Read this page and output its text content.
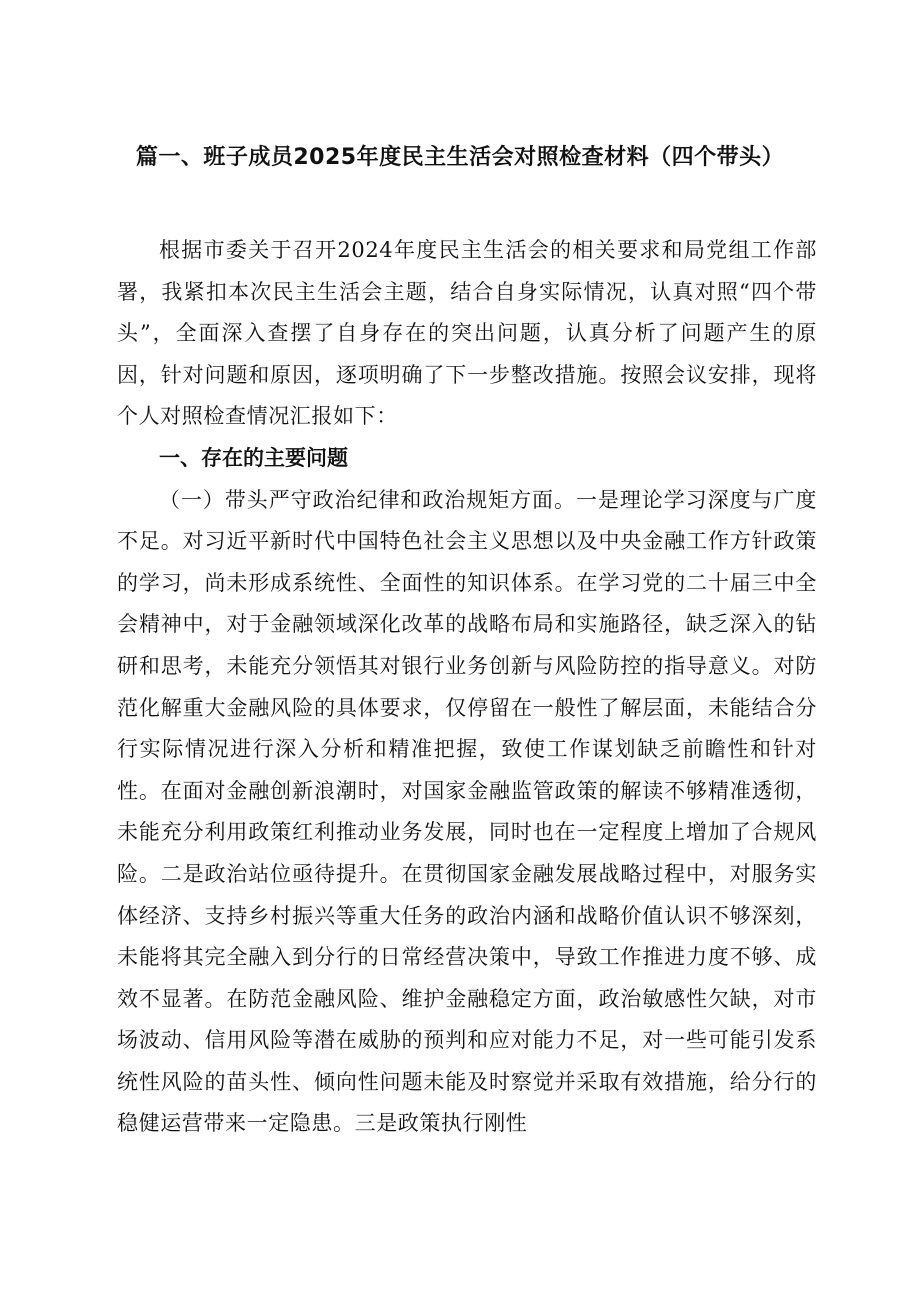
篇一、班子成员2025年度民主生活会对照检查材料（四个带头）

根据市委关于召开2024年度民主生活会的相关要求和局党组工作部署，我紧扣本次民主生活会主题，结合自身实际情况，认真对照“四个带头”，全面深入查摆了自身存在的突出问题，认真分析了问题产生的原因，针对问题和原因，逐项明确了下一步整改措施。按照会议安排，现将个人对照检查情况汇报如下：

一、存在的主要问题

（一）带头严守政治纪律和政治规矩方面。一是理论学习深度与广度不足。对习近平新时代中国特色社会主义思想以及中央金融工作方针政策的学习，尚未形成系统性、全面性的知识体系。在学习党的二十届三中全会精神中，对于金融领域深化改革的战略布局和实施路径，缺乏深入的钻研和思考，未能充分领悟其对银行业务创新与风险防控的指导意义。对防范化解重大金融风险的具体要求，仅停留在一般性了解层面，未能结合分行实际情况进行深入分析和精准把握，致使工作谋划缺乏前瞻性和针对性。在面对金融创新浪潮时，对国家金融监管政策的解读不够精准透彻，未能充分利用政策红利推动业务发展，同时也在一定程度上增加了合规风险。二是政治站位亟待提升。在贯彻国家金融发展战略过程中，对服务实体经济、支持乡村振兴等重大任务的政治内涵和战略价值认识不够深刻，未能将其完全融入到分行的日常经营决策中，导致工作推进力度不够、成效不显著。在防范金融风险、维护金融稳定方面，政治敏感性欠缺，对市场波动、信用风险等潜在威胁的预判和应对能力不足，对一些可能引发系统性风险的苗头性、倾向性问题未能及时察觉并采取有效措施，给分行的稳健运营带来一定隐患。三是政策执行刚性
